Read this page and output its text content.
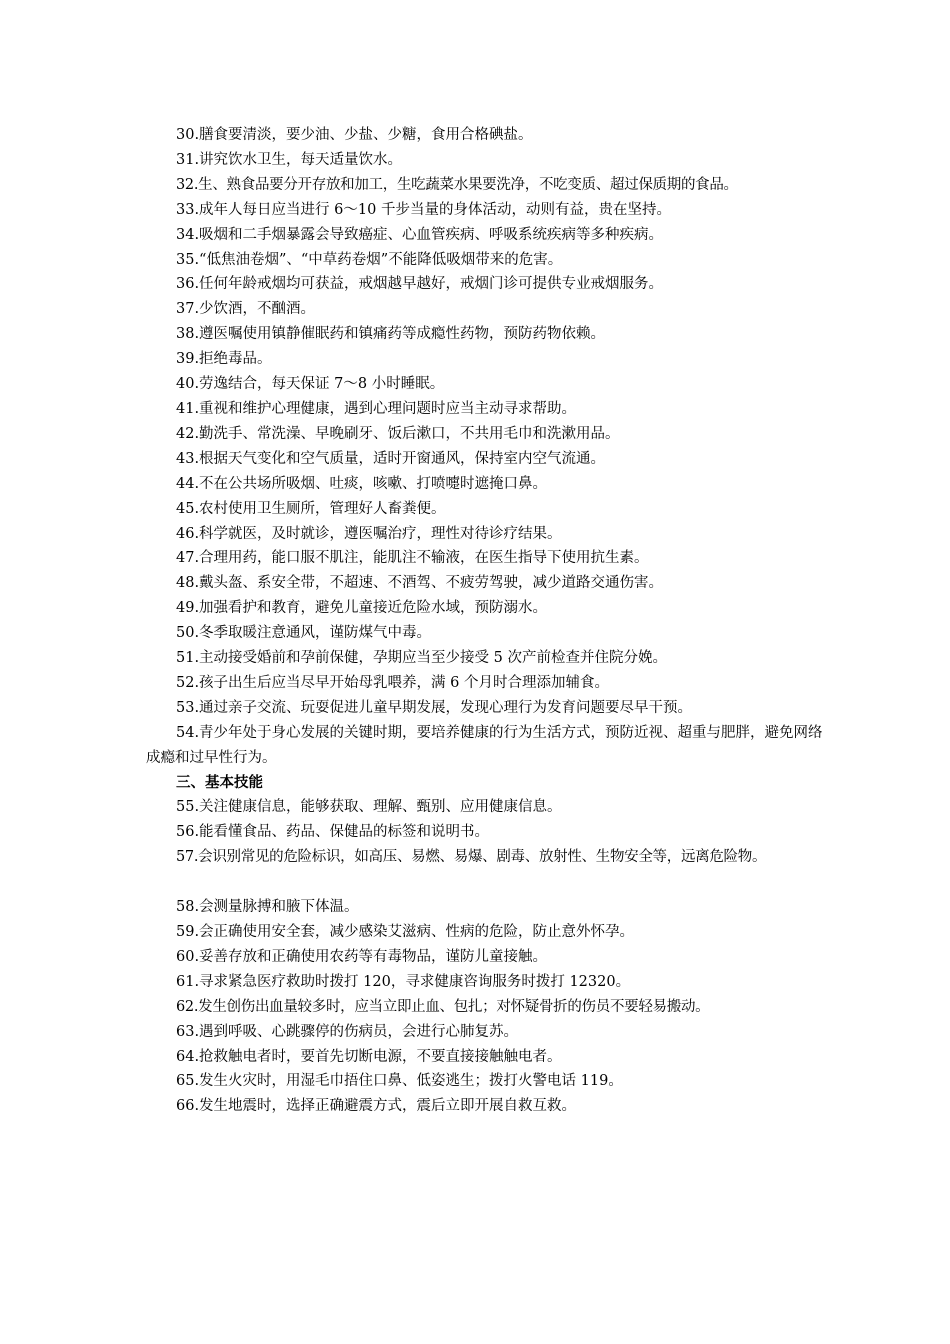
30.膳食要清淡，要少油、少盐、少糖，食用合格碘盐。

31.讲究饮水卫生，每天适量饮水。

32.生、熟食品要分开存放和加工，生吃蔬菜水果要洗净，不吃变质、超过保质期的食品。

33.成年人每日应当进行 6～10 千步当量的身体活动，动则有益，贵在坚持。

34.吸烟和二手烟暴露会导致癌症、心血管疾病、呼吸系统疾病等多种疾病。

35.“低焦油卷烟”、“中草药卷烟”不能降低吸烟带来的危害。

36.任何年龄戒烟均可获益，戒烟越早越好，戒烟门诊可提供专业戒烟服务。

37.少饮酒，不酗酒。

38.遵医嘱使用镇静催眠药和镇痛药等成瘾性药物，预防药物依赖。

39.拒绝毒品。

40.劳逸结合，每天保证 7～8 小时睡眠。

41.重视和维护心理健康，遇到心理问题时应当主动寻求帮助。

42.勤洗手、常洗澡、早晚刷牙、饭后漱口，不共用毛巾和洗漱用品。

43.根据天气变化和空气质量，适时开窗通风，保持室内空气流通。

44.不在公共场所吸烟、吐痰，咳嗽、打喷嚏时遮掩口鼻。

45.农村使用卫生厕所，管理好人畜粪便。

46.科学就医，及时就诊，遵医嘱治疗，理性对待诊疗结果。

47.合理用药，能口服不肌注，能肌注不输液，在医生指导下使用抗生素。

48.戴头盔、系安全带，不超速、不酒驾、不疲劳驾驶，减少道路交通伤害。

49.加强看护和教育，避免儿童接近危险水域，预防溺水。

50.冬季取暖注意通风，谨防煤气中毒。

51.主动接受婚前和孕前保健，孕期应当至少接受 5 次产前检查并住院分娩。

52.孩子出生后应当尽早开始母乳喂养，满 6 个月时合理添加辅食。

53.通过亲子交流、玩耍促进儿童早期发展，发现心理行为发育问题要尽早干预。

54.青少年处于身心发展的关键时期，要培养健康的行为生活方式，预防近视、超重与肥胖，避免网络成瘾和过早性行为。

三、基本技能

55.关注健康信息，能够获取、理解、甄别、应用健康信息。

56.能看懂食品、药品、保健品的标签和说明书。

57.会识别常见的危险标识，如高压、易燃、易爆、剧毒、放射性、生物安全等，远离危险物。

58.会测量脉搏和腋下体温。

59.会正确使用安全套，减少感染艾滋病、性病的危险，防止意外怀孕。

60.妥善存放和正确使用农药等有毒物品，谨防儿童接触。

61.寻求紧急医疗救助时拨打 120，寻求健康咨询服务时拨打 12320。

62.发生创伤出血量较多时，应当立即止血、包扎；对怀疑骨折的伤员不要轻易搬动。

63.遇到呼吸、心跳骤停的伤病员，会进行心肺复苏。

64.抢救触电者时，要首先切断电源，不要直接接触触电者。

65.发生火灾时，用湿毛巾捂住口鼻、低姿逃生；拨打火警电话 119。

66.发生地震时，选择正确避震方式，震后立即开展自救互救。
